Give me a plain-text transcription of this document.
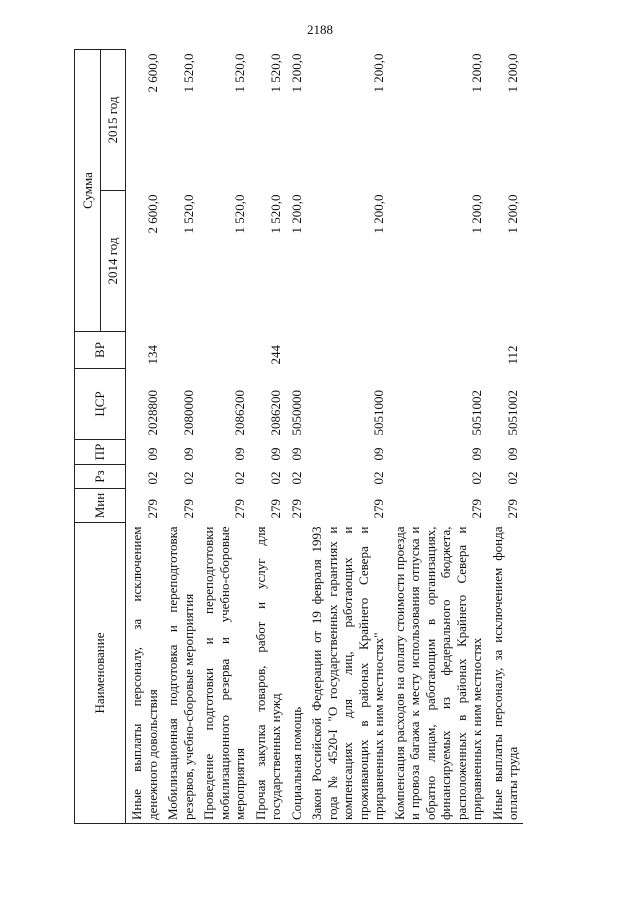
2188
Наименование	Мин	Рз	ПР	ЦСР	ВР	Сумма	
						2014 год	2015 год
Иные выплаты персоналу, за исключением денежного довольствия	279	02	09	2028800	134	2 600,0	2 600,0
Мобилизационная подготовка и переподготовка резервов, учебно-сборовые мероприятия	279	02	09	2080000		1 520,0	1 520,0
Проведение подготовки и переподготовки мобилизационного резерва и учебно-сборовые мероприятия	279	02	09	2086200		1 520,0	1 520,0
Прочая закупка товаров, работ и услуг для государственных нужд	279	02	09	2086200	244	1 520,0	1 520,0
Социальная помощь	279	02	09	5050000		1 200,0	1 200,0
Закон Российской Федерации от 19 февраля 1993 года № 4520-I "О государственных гарантиях и компенсациях для лиц, работающих и проживающих в районах Крайнего Севера и приравненных к ним местностях"	279	02	09	5051000		1 200,0	1 200,0
Компенсация расходов на оплату стоимости проезда и провоза багажа к месту использования отпуска и обратно лицам, работающим в организациях, финансируемых из федерального бюджета, расположенных в районах Крайнего Севера и приравненных к ним местностях	279	02	09	5051002		1 200,0	1 200,0
Иные выплаты персоналу, за исключением фонда оплаты труда	279	02	09	5051002	112	1 200,0	1 200,0
